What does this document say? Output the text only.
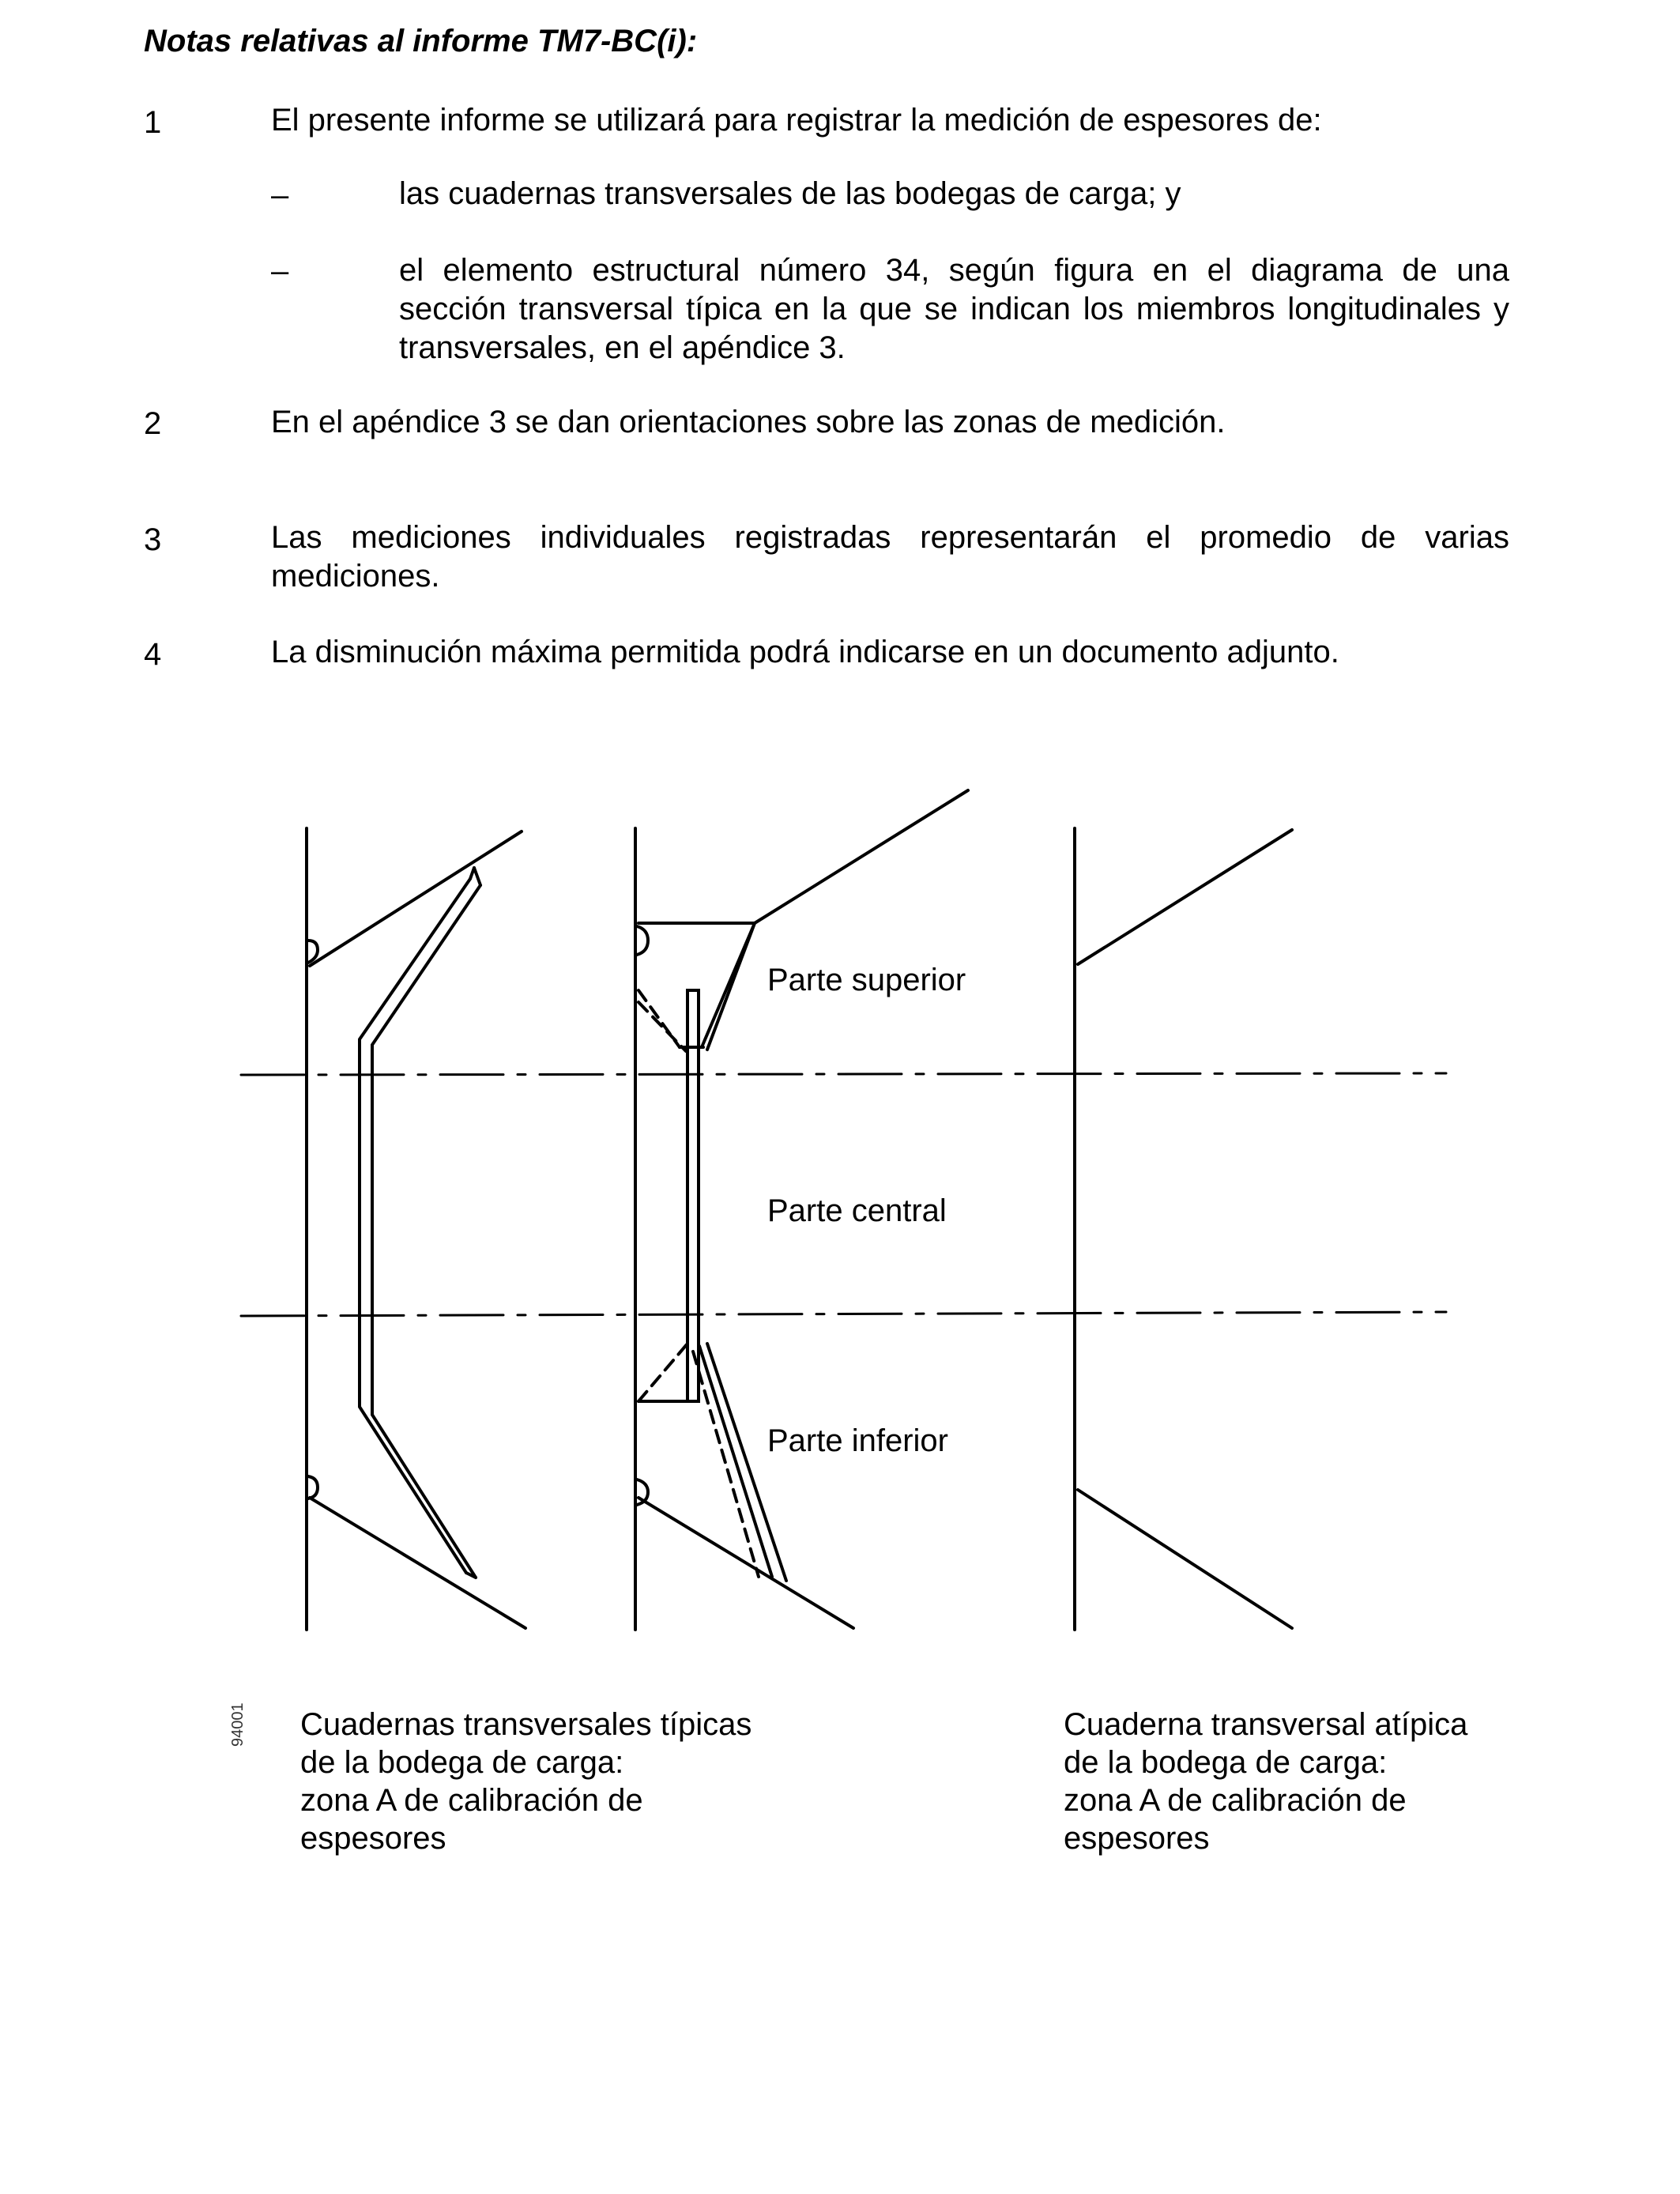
Notas relativas al informe TM7-BC(i):
1	El presente informe se utilizará para registrar la medición de espesores de:
–	las cuadernas transversales de las bodegas de carga; y
–	el elemento estructural número 34, según figura en el diagrama de una sección transversal típica en la que se indican los miembros longitudinales y transversales, en el apéndice 3.
2	En el apéndice 3 se dan orientaciones sobre las zonas de medición.
3	Las mediciones individuales registradas representarán el promedio de varias mediciones.
4	La disminución máxima permitida podrá indicarse en un documento adjunto.
Parte superior
Parte central
Parte inferior
94001 Cuadernas transversales típicas
de la bodega de carga:
zona A de calibración de
espesores
Cuaderna transversal atípica
de la bodega de carga:
zona A de calibración de
espesores
